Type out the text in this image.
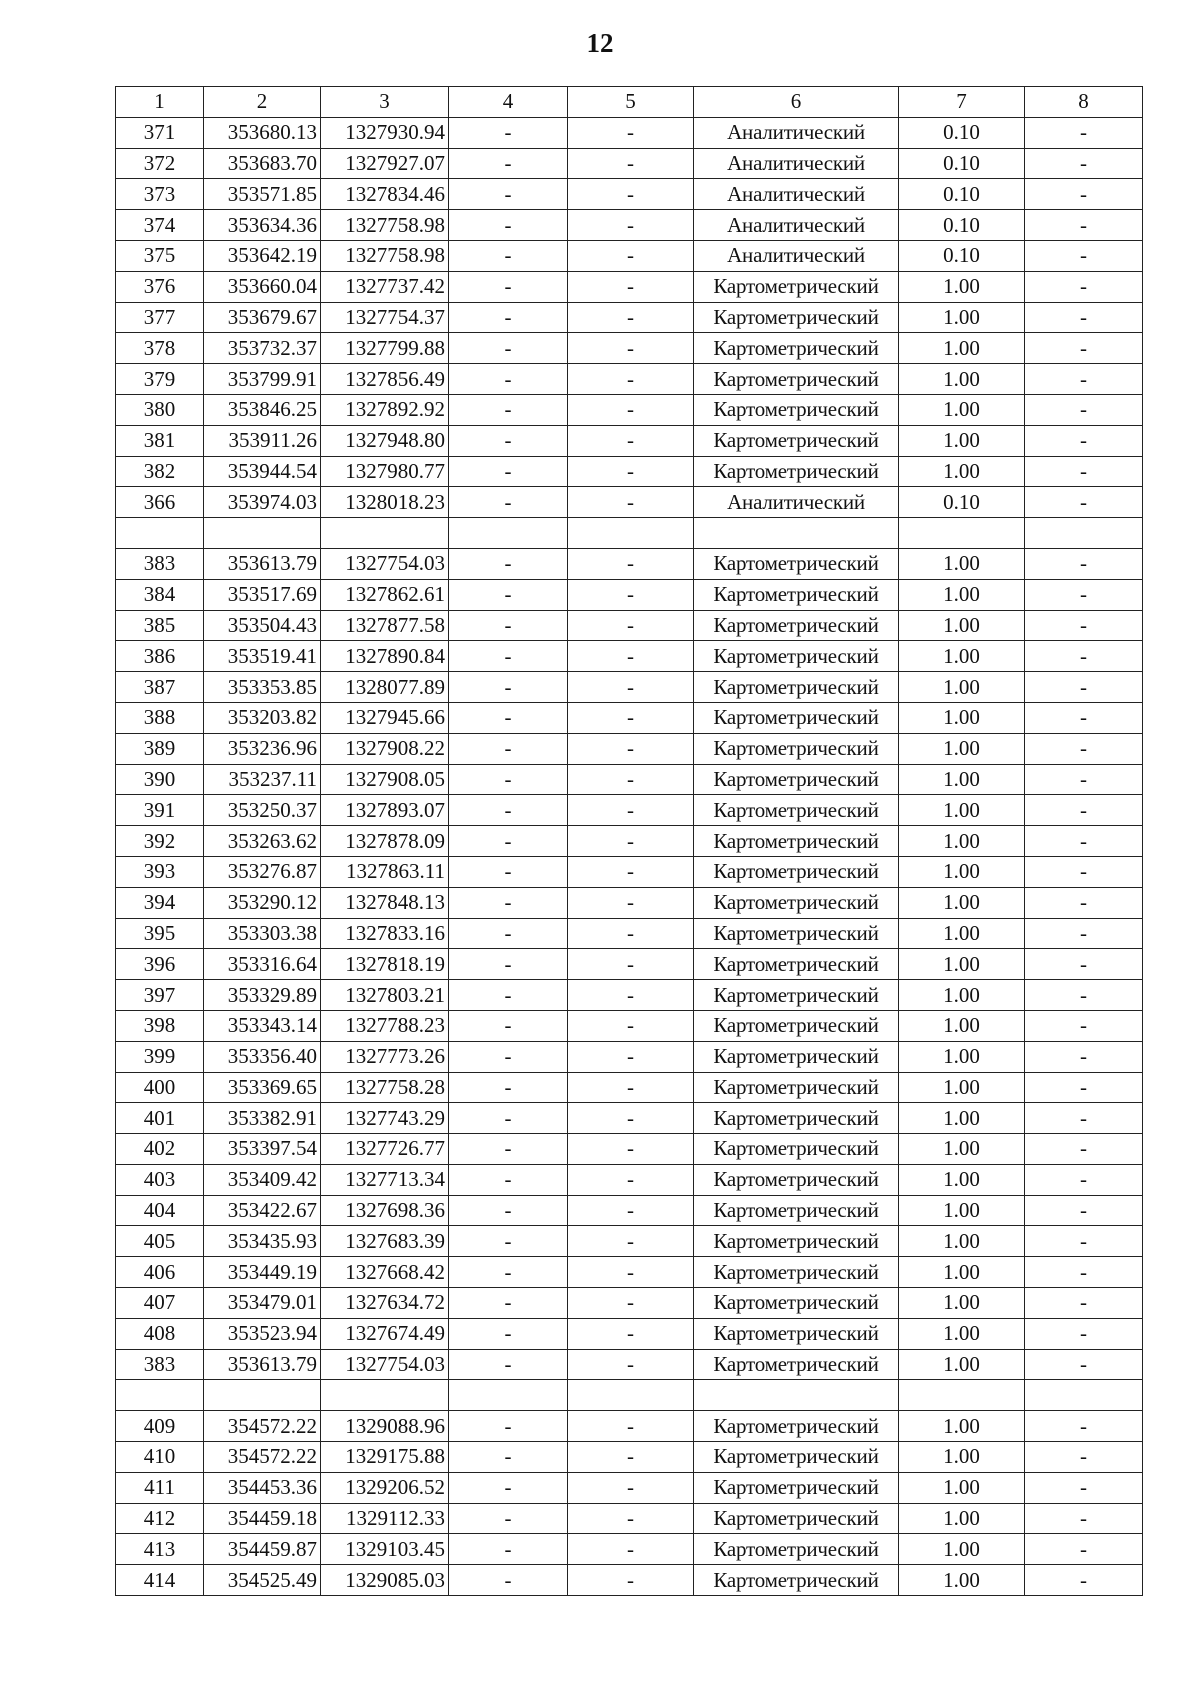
12
1	2	3	4	5	6	7	8
371	353680.13	1327930.94	-	-	Аналитический	0.10	-
372	353683.70	1327927.07	-	-	Аналитический	0.10	-
373	353571.85	1327834.46	-	-	Аналитический	0.10	-
374	353634.36	1327758.98	-	-	Аналитический	0.10	-
375	353642.19	1327758.98	-	-	Аналитический	0.10	-
376	353660.04	1327737.42	-	-	Картометрический	1.00	-
377	353679.67	1327754.37	-	-	Картометрический	1.00	-
378	353732.37	1327799.88	-	-	Картометрический	1.00	-
379	353799.91	1327856.49	-	-	Картометрический	1.00	-
380	353846.25	1327892.92	-	-	Картометрический	1.00	-
381	353911.26	1327948.80	-	-	Картометрический	1.00	-
382	353944.54	1327980.77	-	-	Картометрический	1.00	-
366	353974.03	1328018.23	-	-	Аналитический	0.10	-

383	353613.79	1327754.03	-	-	Картометрический	1.00	-
384	353517.69	1327862.61	-	-	Картометрический	1.00	-
385	353504.43	1327877.58	-	-	Картометрический	1.00	-
386	353519.41	1327890.84	-	-	Картометрический	1.00	-
387	353353.85	1328077.89	-	-	Картометрический	1.00	-
388	353203.82	1327945.66	-	-	Картометрический	1.00	-
389	353236.96	1327908.22	-	-	Картометрический	1.00	-
390	353237.11	1327908.05	-	-	Картометрический	1.00	-
391	353250.37	1327893.07	-	-	Картометрический	1.00	-
392	353263.62	1327878.09	-	-	Картометрический	1.00	-
393	353276.87	1327863.11	-	-	Картометрический	1.00	-
394	353290.12	1327848.13	-	-	Картометрический	1.00	-
395	353303.38	1327833.16	-	-	Картометрический	1.00	-
396	353316.64	1327818.19	-	-	Картометрический	1.00	-
397	353329.89	1327803.21	-	-	Картометрический	1.00	-
398	353343.14	1327788.23	-	-	Картометрический	1.00	-
399	353356.40	1327773.26	-	-	Картометрический	1.00	-
400	353369.65	1327758.28	-	-	Картометрический	1.00	-
401	353382.91	1327743.29	-	-	Картометрический	1.00	-
402	353397.54	1327726.77	-	-	Картометрический	1.00	-
403	353409.42	1327713.34	-	-	Картометрический	1.00	-
404	353422.67	1327698.36	-	-	Картометрический	1.00	-
405	353435.93	1327683.39	-	-	Картометрический	1.00	-
406	353449.19	1327668.42	-	-	Картометрический	1.00	-
407	353479.01	1327634.72	-	-	Картометрический	1.00	-
408	353523.94	1327674.49	-	-	Картометрический	1.00	-
383	353613.79	1327754.03	-	-	Картометрический	1.00	-

409	354572.22	1329088.96	-	-	Картометрический	1.00	-
410	354572.22	1329175.88	-	-	Картометрический	1.00	-
411	354453.36	1329206.52	-	-	Картометрический	1.00	-
412	354459.18	1329112.33	-	-	Картометрический	1.00	-
413	354459.87	1329103.45	-	-	Картометрический	1.00	-
414	354525.49	1329085.03	-	-	Картометрический	1.00	-
